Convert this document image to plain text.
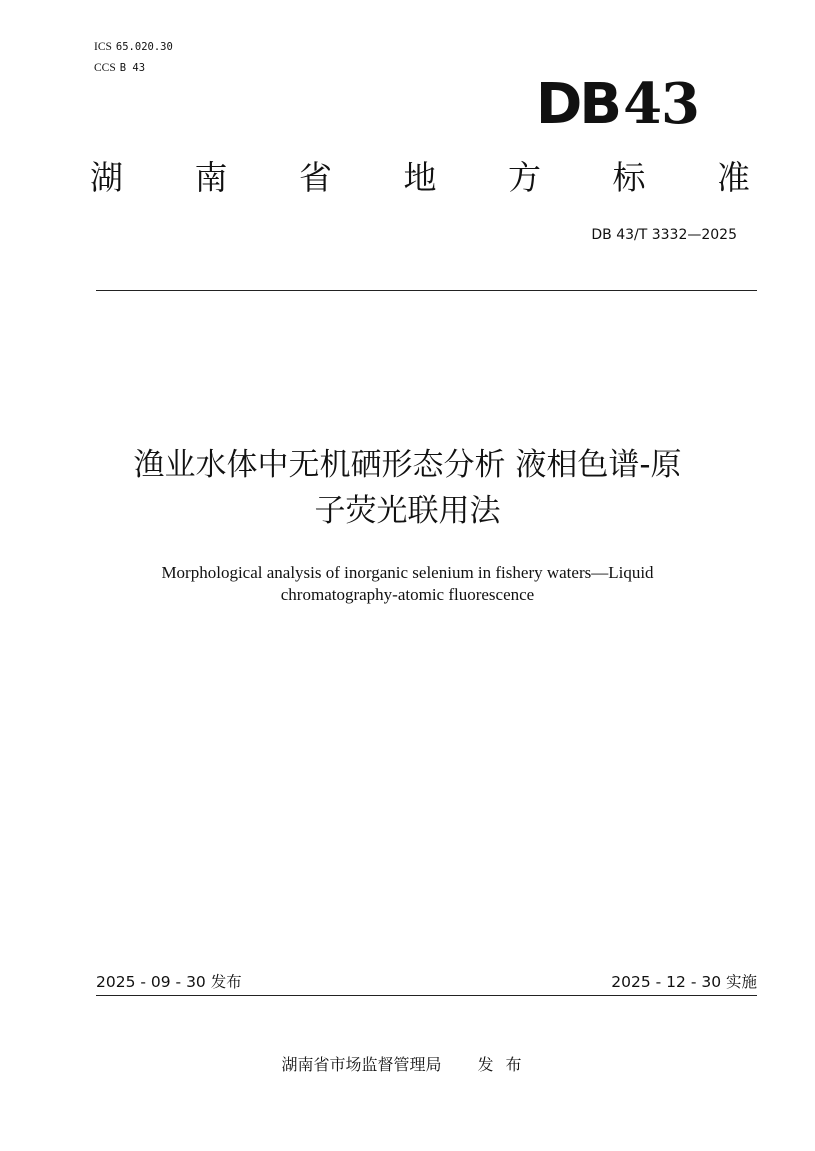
ICS 65.020.30
CCS B 43
DB43
湖 南 省 地 方 标 准
DB 43/T 3332—2025
渔业水体中无机硒形态分析 液相色谱-原
子荧光联用法
Morphological analysis of inorganic selenium in fishery waters—Liquid
chromatography-atomic fluorescence
2025 - 09 - 30 发布	2025 - 12 - 30 实施
湖南省市场监督管理局 发布
